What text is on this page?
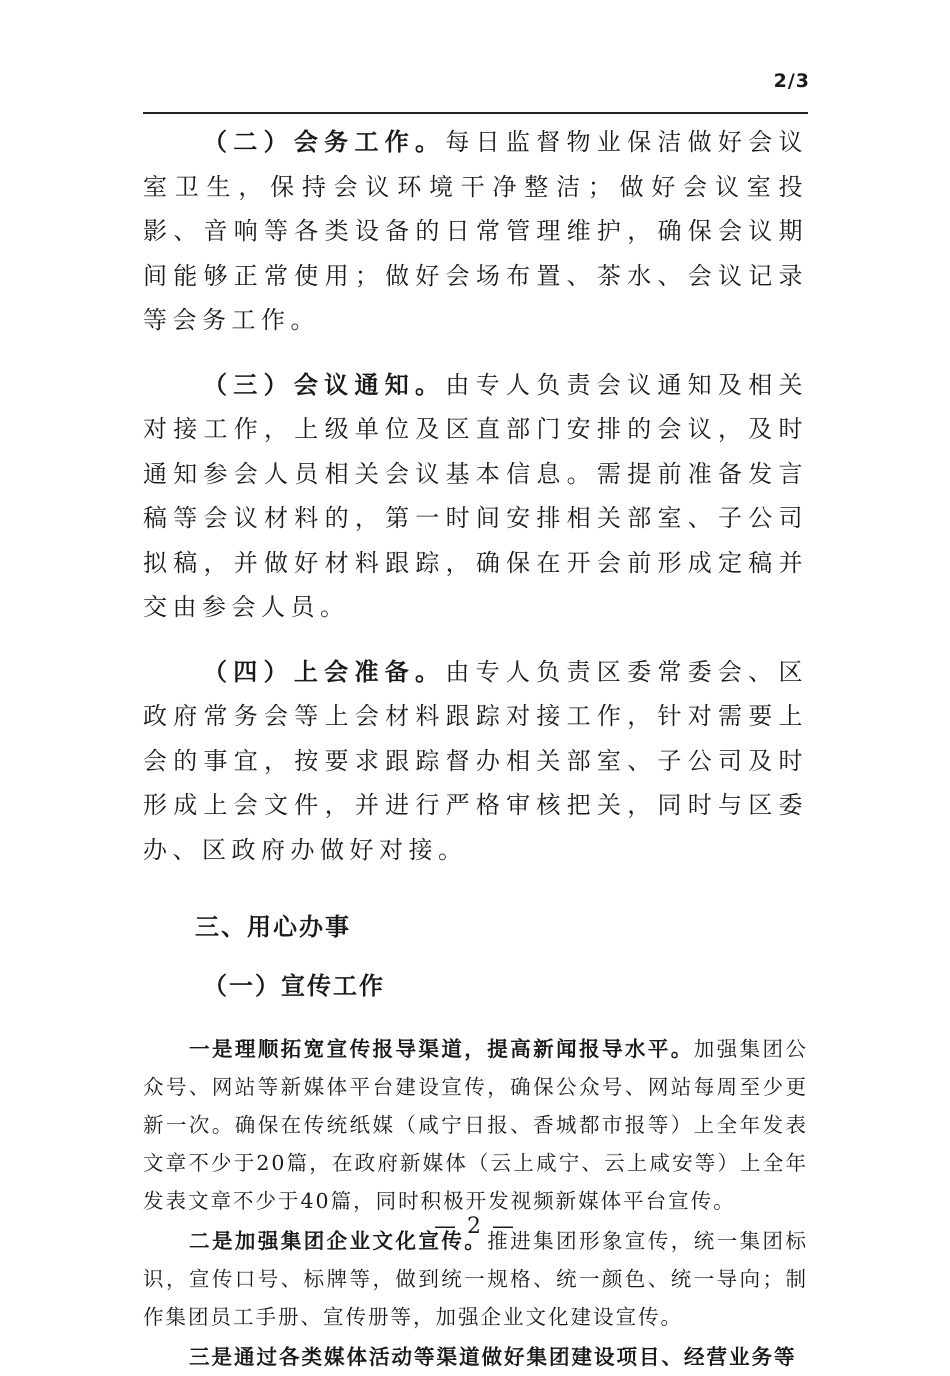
2/3

（二）会务工作。每日监督物业保洁做好会议室卫生，保持会议环境干净整洁；做好会议室投影、音响等各类设备的日常管理维护，确保会议期间能够正常使用；做好会场布置、茶水、会议记录等会务工作。

（三）会议通知。由专人负责会议通知及相关对接工作，上级单位及区直部门安排的会议，及时通知参会人员相关会议基本信息。需提前准备发言稿等会议材料的，第一时间安排相关部室、子公司拟稿，并做好材料跟踪，确保在开会前形成定稿并交由参会人员。

（四）上会准备。由专人负责区委常委会、区政府常务会等上会材料跟踪对接工作，针对需要上会的事宜，按要求跟踪督办相关部室、子公司及时形成上会文件，并进行严格审核把关，同时与区委办、区政府办做好对接。

三、用心办事

（一）宣传工作

一是理顺拓宽宣传报导渠道，提高新闻报导水平。加强集团公众号、网站等新媒体平台建设宣传，确保公众号、网站每周至少更新一次。确保在传统纸媒（咸宁日报、香城都市报等）上全年发表文章不少于20篇，在政府新媒体（云上咸宁、云上咸安等）上全年发表文章不少于40篇，同时积极开发视频新媒体平台宣传。

二是加强集团企业文化宣传。推进集团形象宣传，统一集团标识，宣传口号、标牌等，做到统一规格、统一颜色、统一导向；制作集团员工手册、宣传册等，加强企业文化建设宣传。

三是通过各类媒体活动等渠道做好集团建设项目、经营业务等

— 2 —
